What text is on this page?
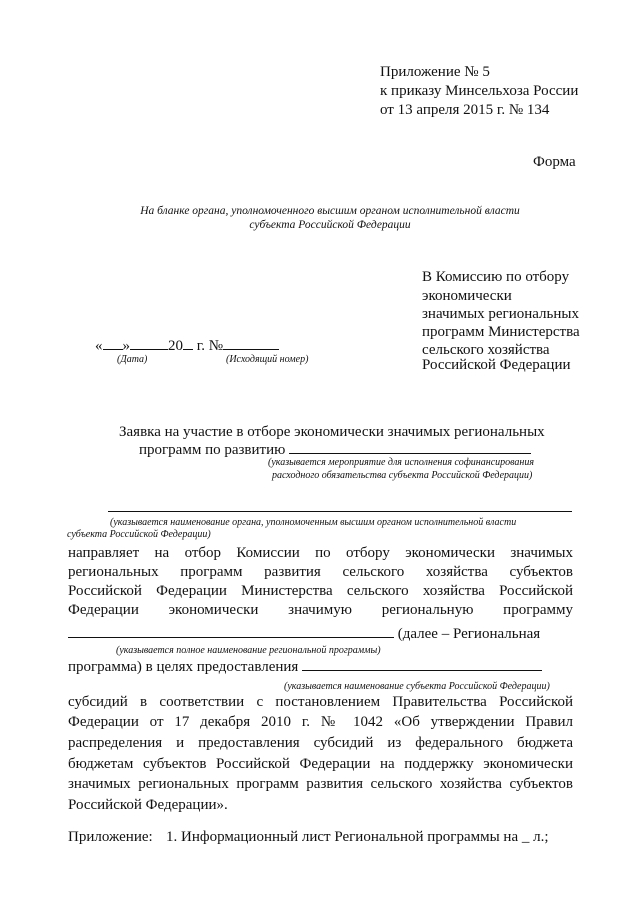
Приложение № 5
к приказу Минсельхоза России
от 13 апреля 2015 г. № 134
Форма
На бланке органа, уполномоченного высшим органом исполнительной власти
субъекта Российской Федерации
В Комиссию по отбору
экономически
значимых региональных
программ Министерства
сельского хозяйства
Российской Федерации
« »	20 г. №
(Дата)	(Исходящий номер)
Заявка на участие в отборе экономически значимых региональных
программ по развитию
(указывается мероприятие для исполнения софинансирования
расходного обязательства субъекта Российской Федерации)
(указывается наименование органа, уполномоченным высшим органом исполнительной власти
субъекта Российской Федерации)
направляет на отбор Комиссии по отбору экономически значимых
региональных программ развития сельского хозяйства субъектов
Российской Федерации Министерства сельского хозяйства Российской
Федерации экономически значимую региональную программу
(далее – Региональная
(указывается полное наименование региональной программы)
программа) в целях предоставления
(указывается наименование субъекта Российской Федерации)
субсидий в соответствии с постановлением Правительства Российской
Федерации от 17 декабря 2010 г. № 1042 «Об утверждении Правил
распределения и предоставления субсидий из федерального бюджета
бюджетам субъектов Российской Федерации на поддержку экономически
значимых региональных программ развития сельского хозяйства субъектов
Российской Федерации».
Приложение: 1. Информационный лист Региональной программы на _ л.;
